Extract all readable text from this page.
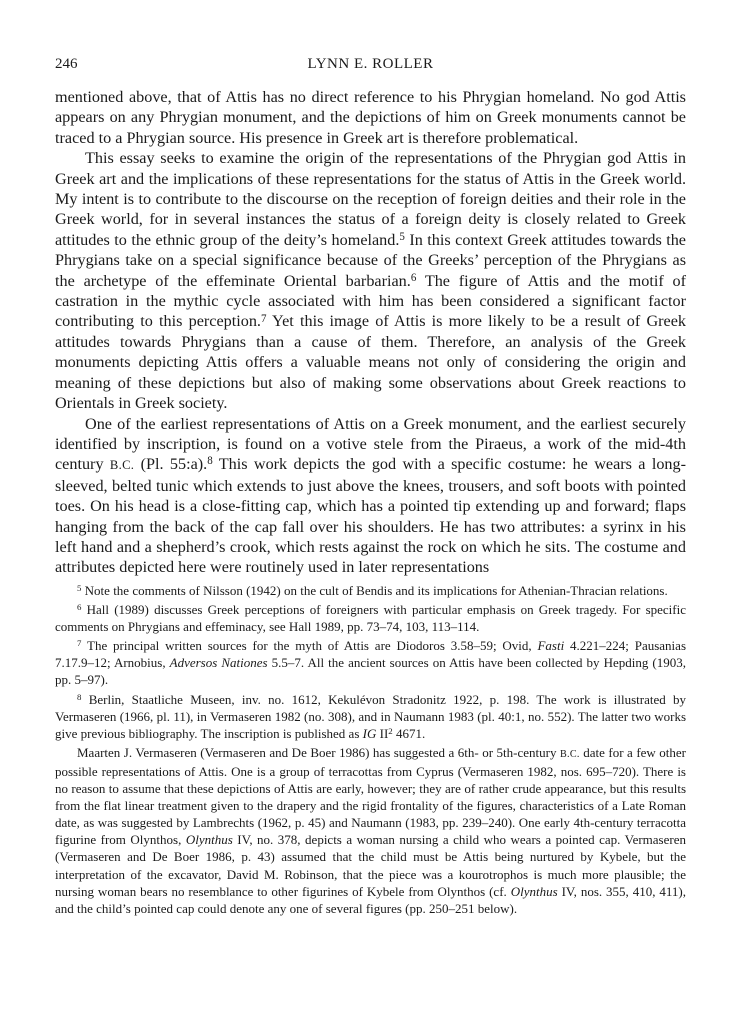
246	LYNN E. ROLLER

mentioned above, that of Attis has no direct reference to his Phrygian homeland. No god Attis appears on any Phrygian monument, and the depictions of him on Greek monuments cannot be traced to a Phrygian source. His presence in Greek art is therefore problematical.

This essay seeks to examine the origin of the representations of the Phrygian god Attis in Greek art and the implications of these representations for the status of Attis in the Greek world. My intent is to contribute to the discourse on the reception of foreign deities and their role in the Greek world, for in several instances the status of a foreign deity is closely related to Greek attitudes to the ethnic group of the deity’s homeland.$^5$ In this context Greek attitudes towards the Phrygians take on a special significance because of the Greeks’ perception of the Phrygians as the archetype of the effeminate Oriental barbarian.$^6$ The figure of Attis and the motif of castration in the mythic cycle associated with him has been considered a significant factor contributing to this perception.$^7$ Yet this image of Attis is more likely to be a result of Greek attitudes towards Phrygians than a cause of them. Therefore, an analysis of the Greek monuments depicting Attis offers a valuable means not only of considering the origin and meaning of these depictions but also of making some observations about Greek reactions to Orientals in Greek society.

One of the earliest representations of Attis on a Greek monument, and the earliest securely identified by inscription, is found on a votive stele from the Piraeus, a work of the mid-4th century B.C. (Pl. 55:a).$^8$ This work depicts the god with a specific costume: he wears a long-sleeved, belted tunic which extends to just above the knees, trousers, and soft boots with pointed toes. On his head is a close-fitting cap, which has a pointed tip extending up and forward; flaps hanging from the back of the cap fall over his shoulders. He has two attributes: a syrinx in his left hand and a shepherd’s crook, which rests against the rock on which he sits. The costume and attributes depicted here were routinely used in later representations

$^5$ Note the comments of Nilsson (1942) on the cult of Bendis and its implications for Athenian-Thracian relations.

$^6$ Hall (1989) discusses Greek perceptions of foreigners with particular emphasis on Greek tragedy. For specific comments on Phrygians and effeminacy, see Hall 1989, pp. 73–74, 103, 113–114.

$^7$ The principal written sources for the myth of Attis are Diodoros 3.58–59; Ovid, Fasti 4.221–224; Pausanias 7.17.9–12; Arnobius, Adversos Nationes 5.5–7. All the ancient sources on Attis have been collected by Hepding (1903, pp. 5–97).

$^8$ Berlin, Staatliche Museen, inv. no. 1612, Kekulévon Stradonitz 1922, p. 198. The work is illustrated by Vermaseren (1966, pl. 11), in Vermaseren 1982 (no. 308), and in Naumann 1983 (pl. 40:1, no. 552). The latter two works give previous bibliography. The inscription is published as IG $II^2$ 4671.

Maarten J. Vermaseren (Vermaseren and De Boer 1986) has suggested a 6th- or 5th-century B.C. date for a few other possible representations of Attis. One is a group of terracottas from Cyprus (Vermaseren 1982, nos. 695–720). There is no reason to assume that these depictions of Attis are early, however; they are of rather crude appearance, but this results from the flat linear treatment given to the drapery and the rigid frontality of the figures, characteristics of a Late Roman date, as was suggested by Lambrechts (1962, p. 45) and Naumann (1983, pp. 239–240). One early 4th-century terracotta figurine from Olynthos, Olynthus IV, no. 378, depicts a woman nursing a child who wears a pointed cap. Vermaseren (Vermaseren and De Boer 1986, p. 43) assumed that the child must be Attis being nurtured by Kybele, but the interpretation of the excavator, David M. Robinson, that the piece was a kourotrophos is much more plausible; the nursing woman bears no resemblance to other figurines of Kybele from Olynthos (cf. Olynthus IV, nos. 355, 410, 411), and the child’s pointed cap could denote any one of several figures (pp. 250–251 below).
